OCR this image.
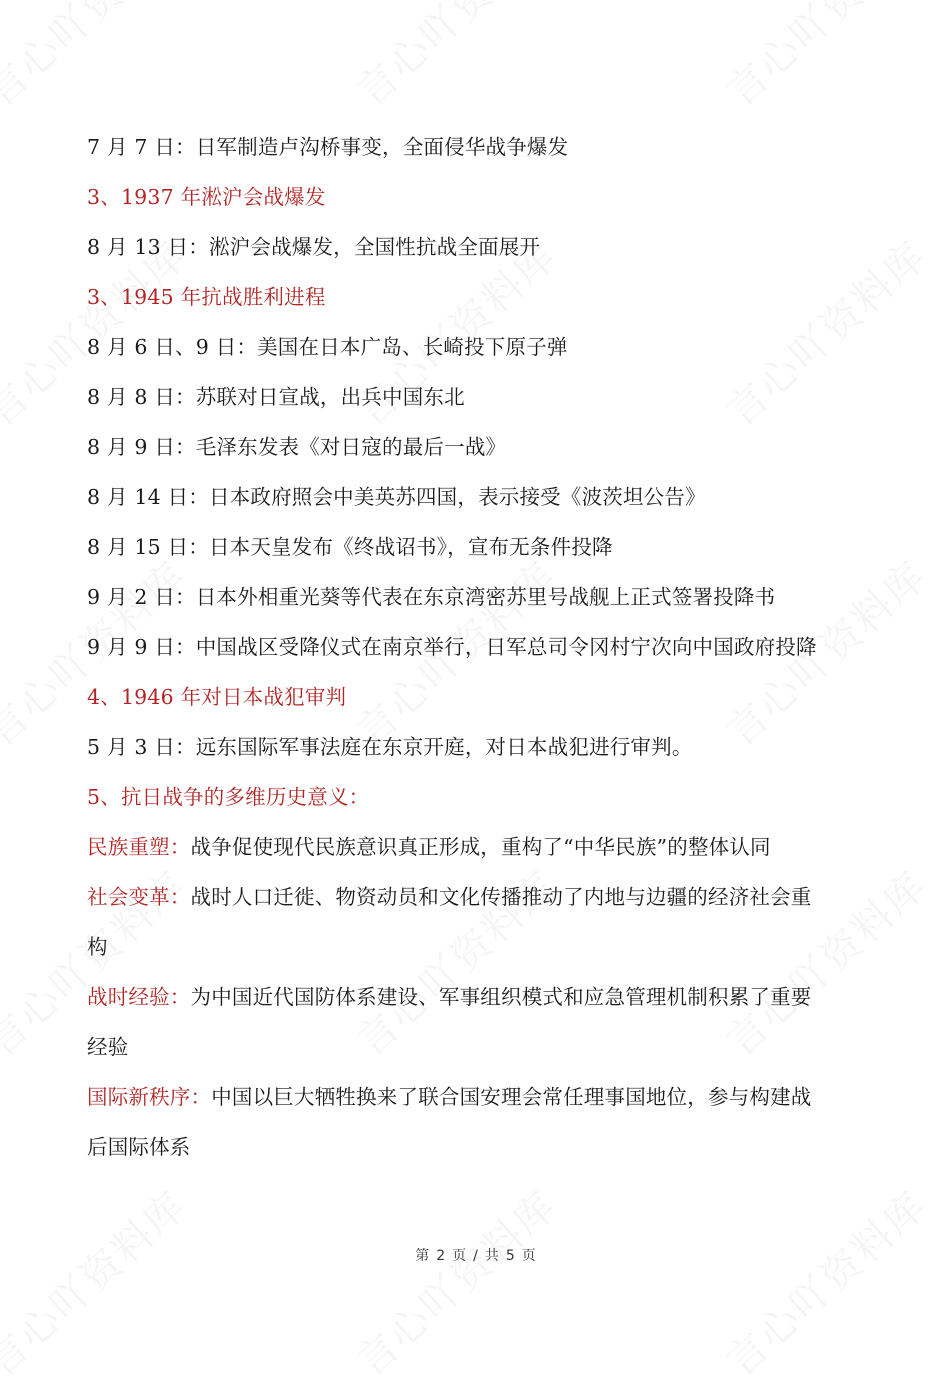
7 月 7 日：日军制造卢沟桥事变，全面侵华战争爆发
3、1937 年淞沪会战爆发
8 月 13 日：淞沪会战爆发，全国性抗战全面展开
3、1945 年抗战胜利进程
8 月 6 日、9 日：美国在日本广岛、长崎投下原子弹
8 月 8 日：苏联对日宣战，出兵中国东北
8 月 9 日：毛泽东发表《对日寇的最后一战》
8 月 14 日：日本政府照会中美英苏四国，表示接受《波茨坦公告》
8 月 15 日：日本天皇发布《终战诏书》，宣布无条件投降
9 月 2 日：日本外相重光葵等代表在东京湾密苏里号战舰上正式签署投降书
9 月 9 日：中国战区受降仪式在南京举行，日军总司令冈村宁次向中国政府投降
4、1946 年对日本战犯审判
5 月 3 日：远东国际军事法庭在东京开庭，对日本战犯进行审判。
5、抗日战争的多维历史意义：
民族重塑：战争促使现代民族意识真正形成，重构了“中华民族”的整体认同
社会变革：战时人口迁徙、物资动员和文化传播推动了内地与边疆的经济社会重
构
战时经验：为中国近代国防体系建设、军事组织模式和应急管理机制积累了重要
经验
国际新秩序：中国以巨大牺牲换来了联合国安理会常任理事国地位，参与构建战
后国际体系
第 2 页 / 共 5 页
